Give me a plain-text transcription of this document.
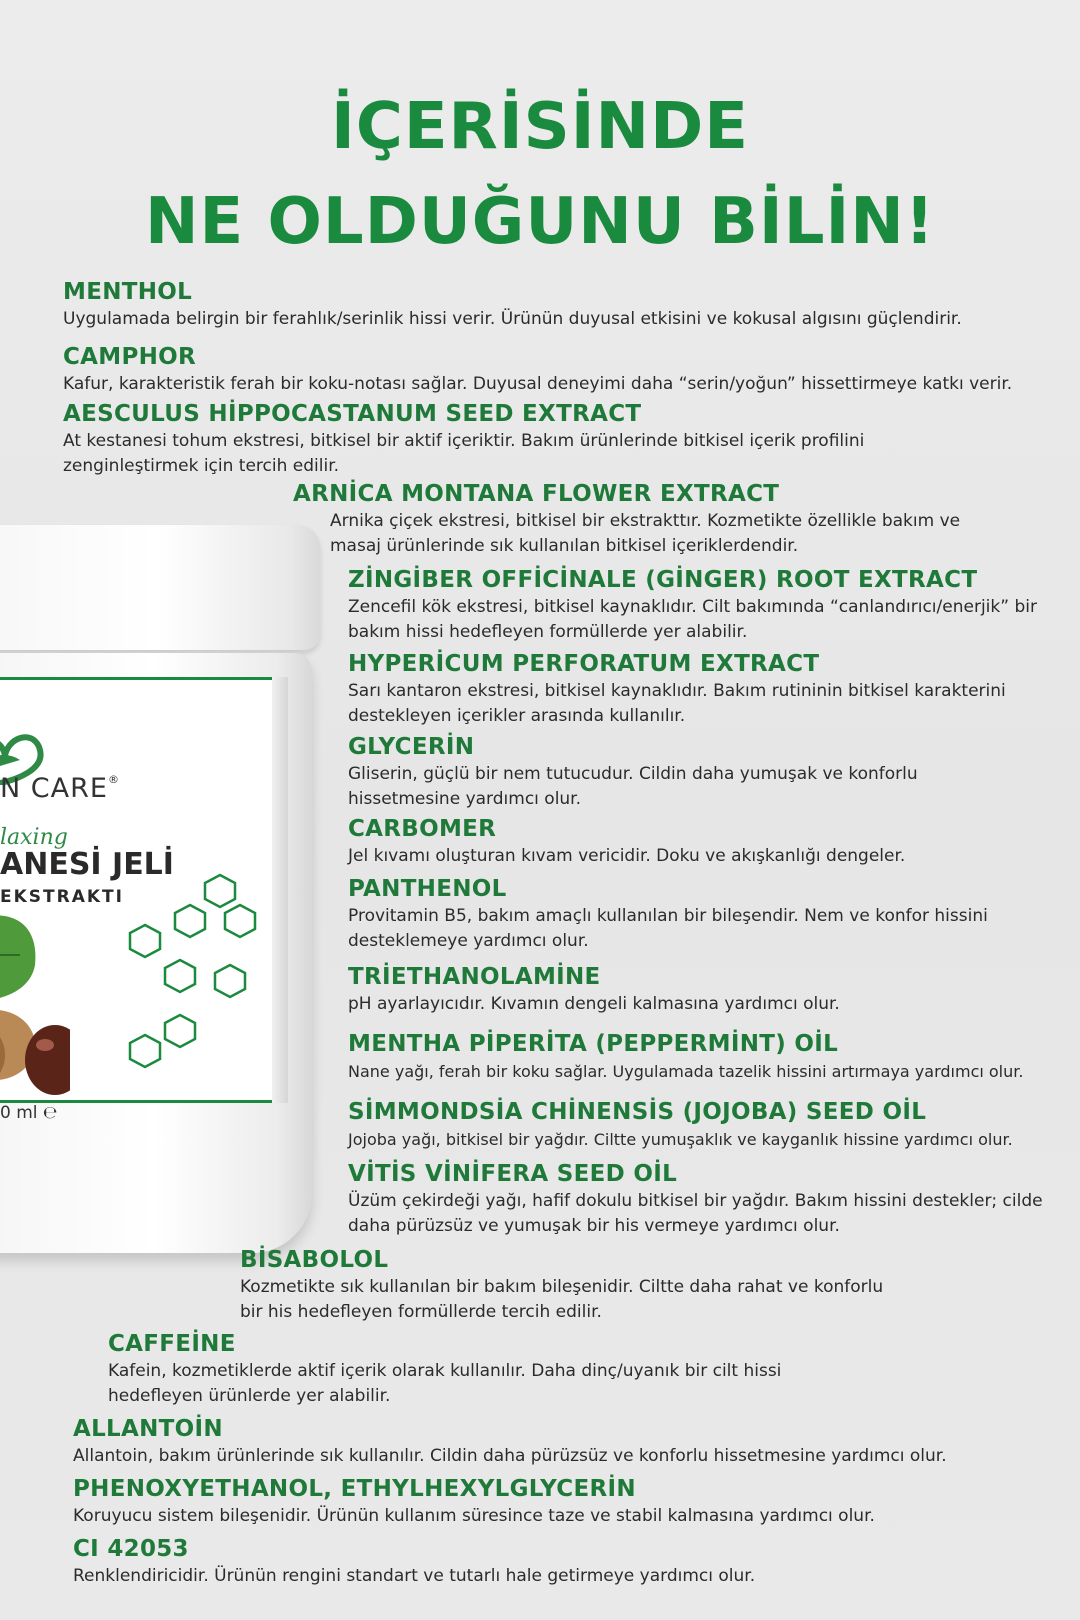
İÇERİSİNDE
NE OLDUĞUNU BİLİN!
N CARE®
laxing
ANESİ JELİ
EKSTRAKTI
0 ml ℮
MENTHOL
Uygulamada belirgin bir ferahlık/serinlik hissi verir. Ürünün duyusal etkisini ve kokusal algısını güçlendirir.
CAMPHOR
Kafur, karakteristik ferah bir koku-notası sağlar. Duyusal deneyimi daha “serin/yoğun” hissettirmeye katkı verir.
AESCULUS HİPPOCASTANUM SEED EXTRACT
At kestanesi tohum ekstresi, bitkisel bir aktif içeriktir. Bakım ürünlerinde bitkisel içerik profilini zenginleştirmek için tercih edilir.
ARNİCA MONTANA FLOWER EXTRACT
Arnika çiçek ekstresi, bitkisel bir ekstrakttır. Kozmetikte özellikle bakım ve masaj ürünlerinde sık kullanılan bitkisel içeriklerdendir.
ZİNGİBER OFFİCİNALE (GİNGER) ROOT EXTRACT
Zencefil kök ekstresi, bitkisel kaynaklıdır. Cilt bakımında “canlandırıcı/enerjik” bir bakım hissi hedefleyen formüllerde yer alabilir.
HYPERİCUM PERFORATUM EXTRACT
Sarı kantaron ekstresi, bitkisel kaynaklıdır. Bakım rutininin bitkisel karakterini destekleyen içerikler arasında kullanılır.
GLYCERİN
Gliserin, güçlü bir nem tutucudur. Cildin daha yumuşak ve konforlu hissetmesine yardımcı olur.
CARBOMER
Jel kıvamı oluşturan kıvam vericidir. Doku ve akışkanlığı dengeler.
PANTHENOL
Provitamin B5, bakım amaçlı kullanılan bir bileşendir. Nem ve konfor hissini desteklemeye yardımcı olur.
TRİETHANOLAMİNE
pH ayarlayıcıdır. Kıvamın dengeli kalmasına yardımcı olur.
MENTHA PİPERİTA (PEPPERMİNT) OİL
Nane yağı, ferah bir koku sağlar. Uygulamada tazelik hissini artırmaya yardımcı olur.
SİMMONDSİA CHİNENSİS (JOJOBA) SEED OİL
Jojoba yağı, bitkisel bir yağdır. Ciltte yumuşaklık ve kayganlık hissine yardımcı olur.
VİTİS VİNİFERA SEED OİL
Üzüm çekirdeği yağı, hafif dokulu bitkisel bir yağdır. Bakım hissini destekler; cilde daha pürüzsüz ve yumuşak bir his vermeye yardımcı olur.
BİSABOLOL
Kozmetikte sık kullanılan bir bakım bileşenidir. Ciltte daha rahat ve konforlu bir his hedefleyen formüllerde tercih edilir.
CAFFEİNE
Kafein, kozmetiklerde aktif içerik olarak kullanılır. Daha dinç/uyanık bir cilt hissi hedefleyen ürünlerde yer alabilir.
ALLANTOİN
Allantoin, bakım ürünlerinde sık kullanılır. Cildin daha pürüzsüz ve konforlu hissetmesine yardımcı olur.
PHENOXYETHANOL, ETHYLHEXYLGLYCERİN
Koruyucu sistem bileşenidir. Ürünün kullanım süresince taze ve stabil kalmasına yardımcı olur.
CI 42053
Renklendiricidir. Ürünün rengini standart ve tutarlı hale getirmeye yardımcı olur.
